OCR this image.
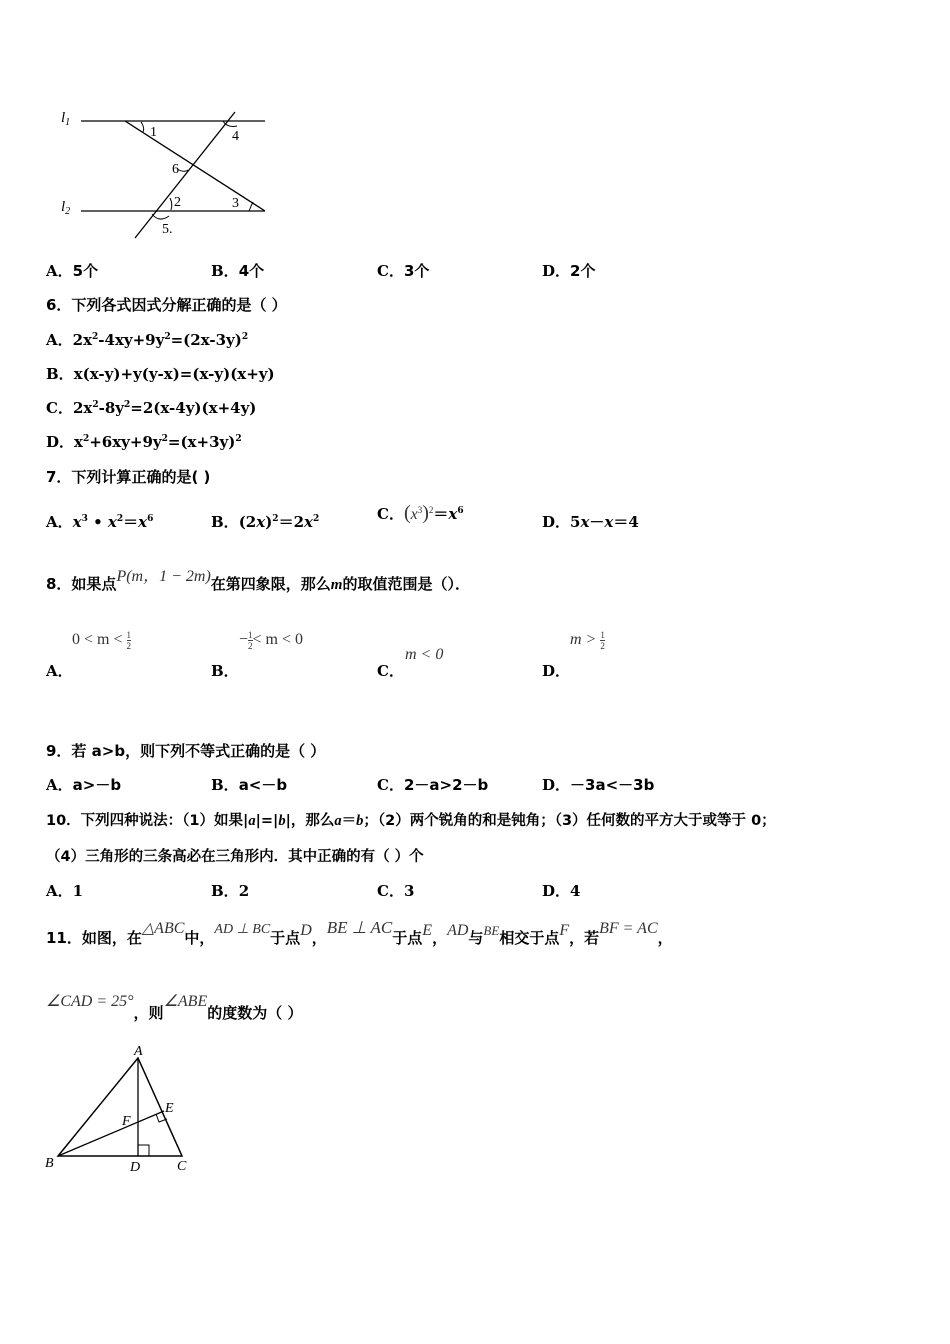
$l_1$
$l_2$
1	4
6
2	3
5.
A．5个	B．4个	C．3个	D．2个
6．下列各式因式分解正确的是（ ）
A．$2x^2-4xy+9y^2=(2x-3y)^2$
B．x(x-y)+y(y-x)=(x-y)(x+y)
C．$2x^2-8y^2=2(x-4y)(x+4y)$
D．$x^2+6xy+9y^2=(x+3y)^2$
7．下列计算正确的是( )
A．$x^3$ • $x^2=x^6$	B．$(2x)^2=2x^2$	C．$(x^3)^2=x^6$
D．5x－x＝4
8．如果点P(m，1 − 2m)在第四象限，那么m的取值范围是（）．
$0 < m < \frac{1}{2}$
A．
− $\frac{1}{2} < m < 0$
B．
m < 0
C．
$m > \frac{1}{2}$
D．
9．若 a>b，则下列不等式正确的是（ ）
A．a>－b	B．a<－b	C．2－a>2－b	D．－3a<－3b
10．下列四种说法：（1）如果|a|=|b|，那么a＝b；（2）两个锐角的和是钝角；（3）任何数的平方大于或等于 0；
（4）三角形的三条高必在三角形内．其中正确的有（ ）个
A．1	B．2	C．3	D．4
11．如图，在△ABC中，AD ⊥ BC于点D，BE ⊥ AC于点E，AD与BE相交于点F，若BF = AC，
∠CAD = 25°，则∠ABE的度数为（ ）
A
B	C
D
E
F
